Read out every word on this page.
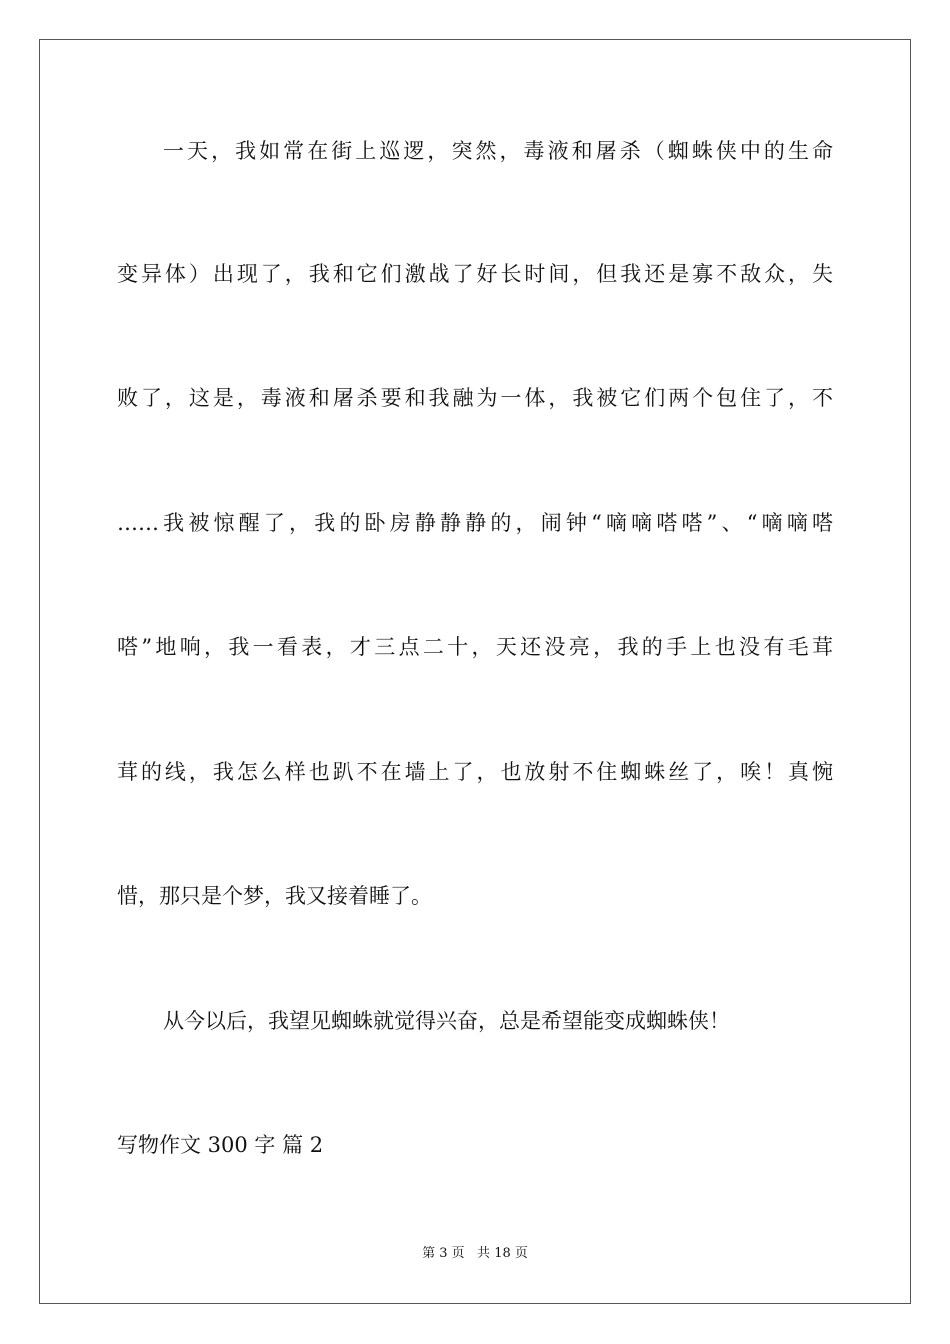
一天，我如常在街上巡逻，突然，毒液和屠杀（蜘蛛侠中的生命
变异体）出现了，我和它们激战了好长时间，但我还是寡不敌众，失
败了，这是，毒液和屠杀要和我融为一体，我被它们两个包住了，不
……我被惊醒了，我的卧房静静静的，闹钟“嘀嘀嗒嗒”、“嘀嘀嗒
嗒”地响，我一看表，才三点二十，天还没亮，我的手上也没有毛茸
茸的线，我怎么样也趴不在墙上了，也放射不住蜘蛛丝了，唉！真惋
惜，那只是个梦，我又接着睡了。
从今以后，我望见蜘蛛就觉得兴奋，总是希望能变成蜘蛛侠！
写物作文 300 字 篇 2
第 3 页   共 18 页
